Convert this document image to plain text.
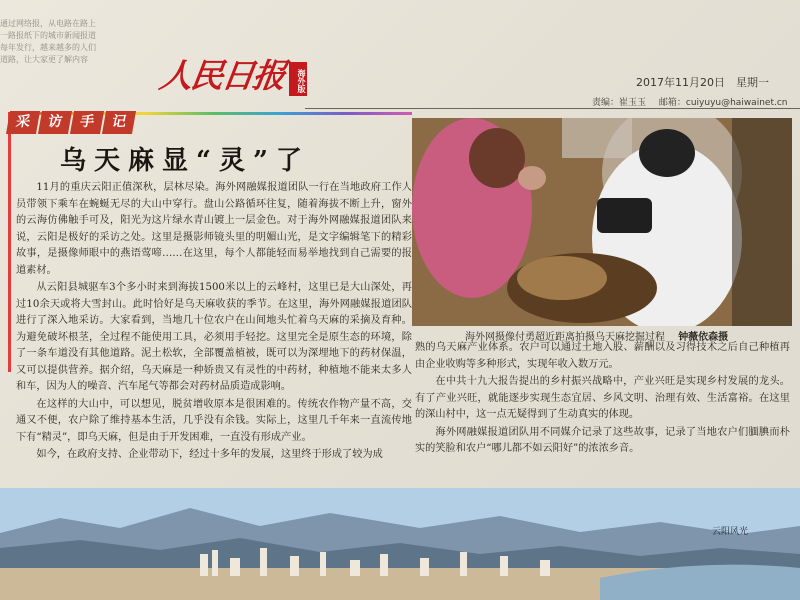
通过网络报，从电路在路上
一路报纸下的城市新闻报道
每年发行，越来越多的人们
道路，让大家更了解内容	人民日报	海外版	2017年11月20日　星期一
责编：崔玉玉 邮箱：cuiyuyu@haiwainet.cn
采	访	手	记
乌天麻显“灵”了
海外网摄像付勇超近距离拍摄乌天麻挖掘过程 钟薇依森摄

11月的重庆云阳正值深秋，层林尽染。海外网融媒报道团队一行在当地政府工作人员带领下乘车在蜿蜒无尽的大山中穿行。盘山公路循环往复，随着海拔不断上升，窗外的云海仿佛触手可及，阳光为这片绿水青山镀上一层金色。对于海外网融媒报道团队来说，云阳是极好的采访之处。这里是摄影师镜头里的明媚山光，是文字编辑笔下的精彩故事，是摄像师眼中的燕语莺啼……在这里，每个人都能轻而易举地找到自己需要的报道素材。

从云阳县城驱车3个多小时来到海拔1500米以上的云峰村，这里已是大山深处，再过10余天或将大雪封山。此时恰好是乌天麻收获的季节。在这里，海外网融媒报道团队进行了深入地采访。大家看到，当地几十位农户在山间地头忙着乌天麻的采摘及育种。为避免破坏根茎，全过程不能使用工具，必须用手轻挖。这里完全是原生态的环境，除了一条车道没有其他道路。泥土松软，全部覆盖植被，既可以为深埋地下的药材保温，又可以提供营养。据介绍，乌天麻是一种娇贵又有灵性的中药材，种植地不能来太多人和车，因为人的噪音、汽车尾气等都会对药材品质造成影响。

在这样的大山中，可以想见，脱贫增收原本是很困难的。传统农作物产量不高，交通又不便，农户除了维持基本生活，几乎没有余钱。实际上，这里几千年来一直流传地下有“精灵”，即乌天麻，但是由于开发困难，一直没有形成产业。

如今，在政府支持、企业带动下，经过十多年的发展，这里终于形成了较为成

熟的乌天麻产业体系。农户可以通过土地入股、薪酬以及习得技术之后自己种植再由企业收购等多种形式，实现年收入数万元。

在中共十九大报告提出的乡村振兴战略中，产业兴旺是实现乡村发展的龙头。有了产业兴旺，就能逐步实现生态宜居、乡风文明、治理有效、生活富裕。在这里的深山村中，这一点无疑得到了生动真实的体现。

海外网融媒报道团队用不同媒介记录了这些故事，记录了当地农户们腼腆而朴实的笑脸和农户“哪儿都不如云阳好”的浓浓乡音。

云阳风光
